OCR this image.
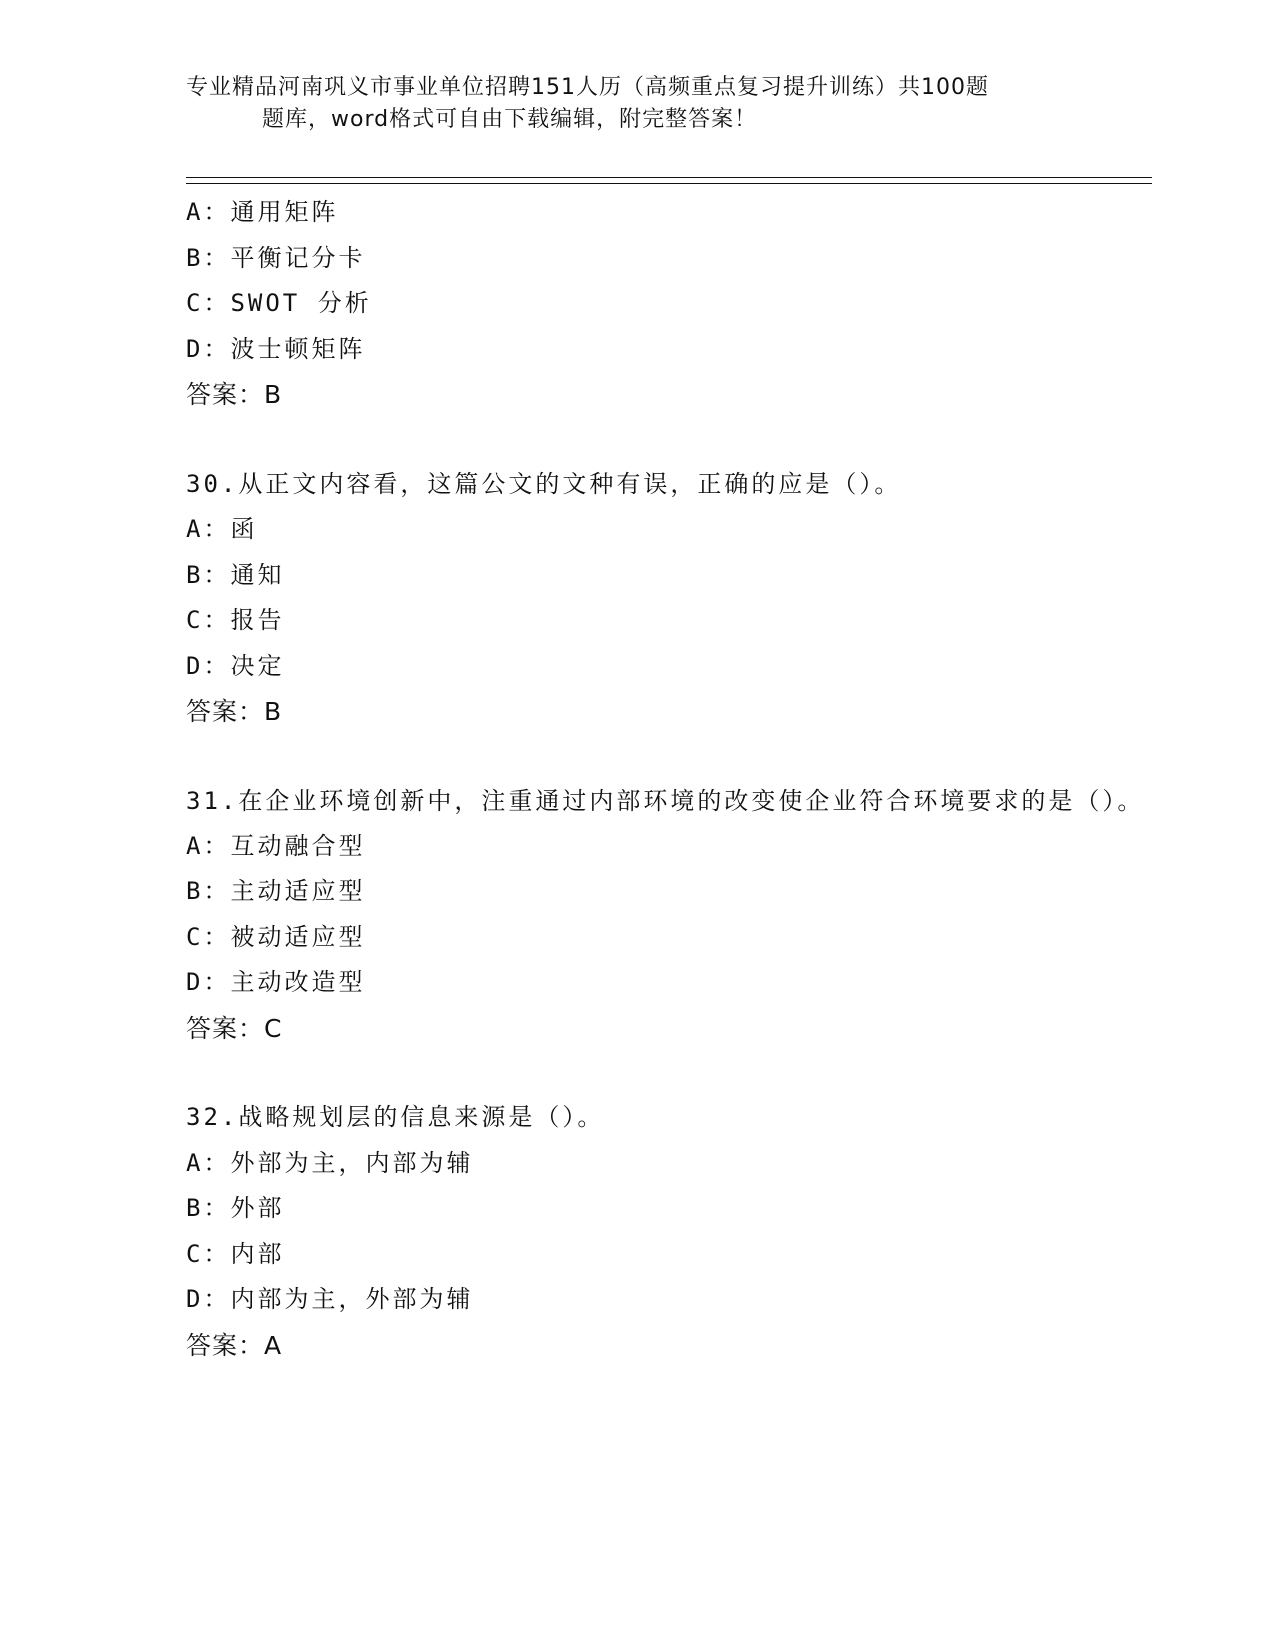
专业精品河南巩义市事业单位招聘151人历（高频重点复习提升训练）共100题
题库，word格式可自由下载编辑，附完整答案！
A：通用矩阵
B：平衡记分卡
C：SWOT 分析
D：波士顿矩阵
答案：B
30.从正文内容看，这篇公文的文种有误，正确的应是（）。
A：函
B：通知
C：报告
D：决定
答案：B
31.在企业环境创新中，注重通过内部环境的改变使企业符合环境要求的是（）。
A：互动融合型
B：主动适应型
C：被动适应型
D：主动改造型
答案：C
32.战略规划层的信息来源是（）。
A：外部为主，内部为辅
B：外部
C：内部
D：内部为主，外部为辅
答案：A
